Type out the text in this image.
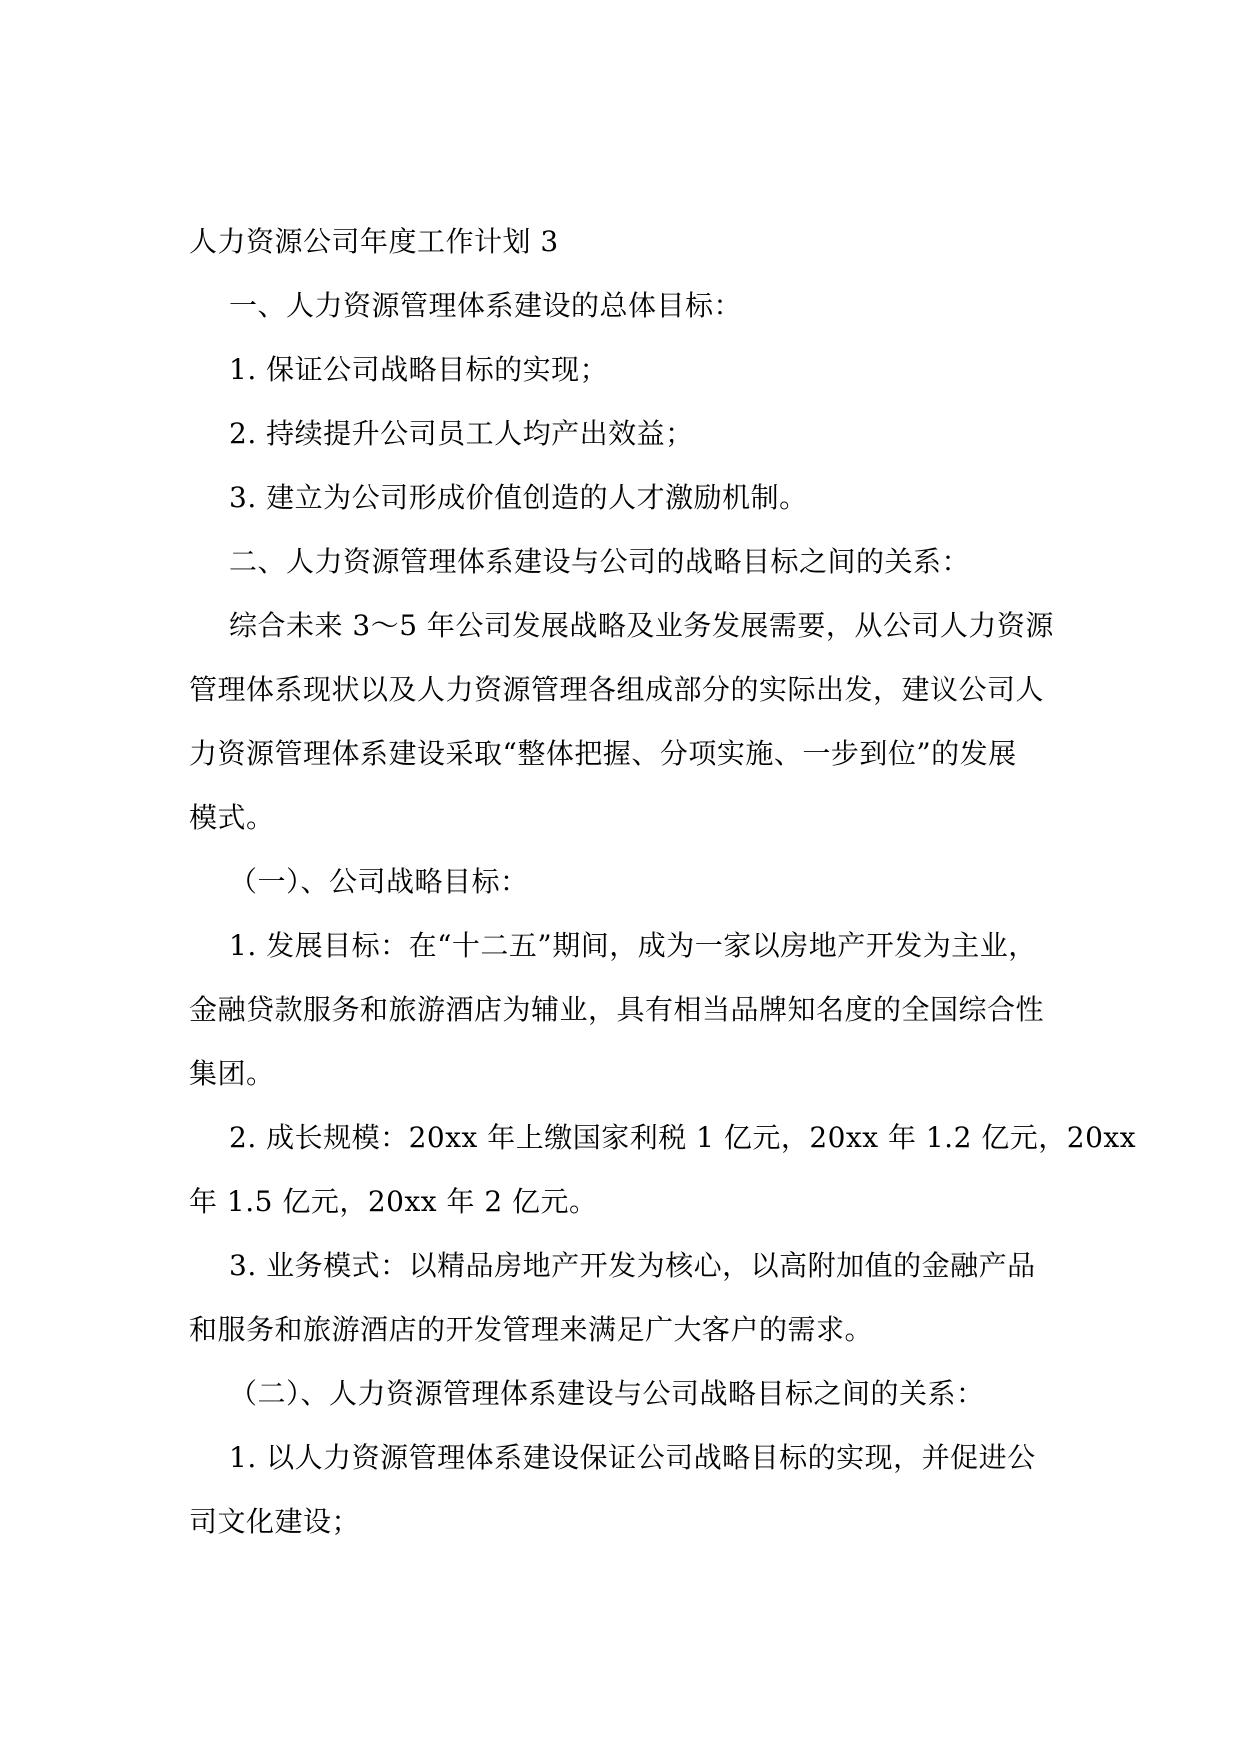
人力资源公司年度工作计划 3
一、人力资源管理体系建设的总体目标：
1. 保证公司战略目标的实现；
2. 持续提升公司员工人均产出效益；
3. 建立为公司形成价值创造的人才激励机制。
二、人力资源管理体系建设与公司的战略目标之间的关系：
综合未来 3～5 年公司发展战略及业务发展需要，从公司人力资源
管理体系现状以及人力资源管理各组成部分的实际出发，建议公司人
力资源管理体系建设采取“整体把握、分项实施、一步到位”的发展
模式。
（一）、公司战略目标：
1. 发展目标：在“十二五”期间，成为一家以房地产开发为主业，
金融贷款服务和旅游酒店为辅业，具有相当品牌知名度的全国综合性
集团。
2. 成长规模：20xx 年上缴国家利税 1 亿元，20xx 年 1.2 亿元，20xx
年 1.5 亿元，20xx 年 2 亿元。
3. 业务模式：以精品房地产开发为核心，以高附加值的金融产品
和服务和旅游酒店的开发管理来满足广大客户的需求。
（二）、人力资源管理体系建设与公司战略目标之间的关系：
1. 以人力资源管理体系建设保证公司战略目标的实现，并促进公
司文化建设；
